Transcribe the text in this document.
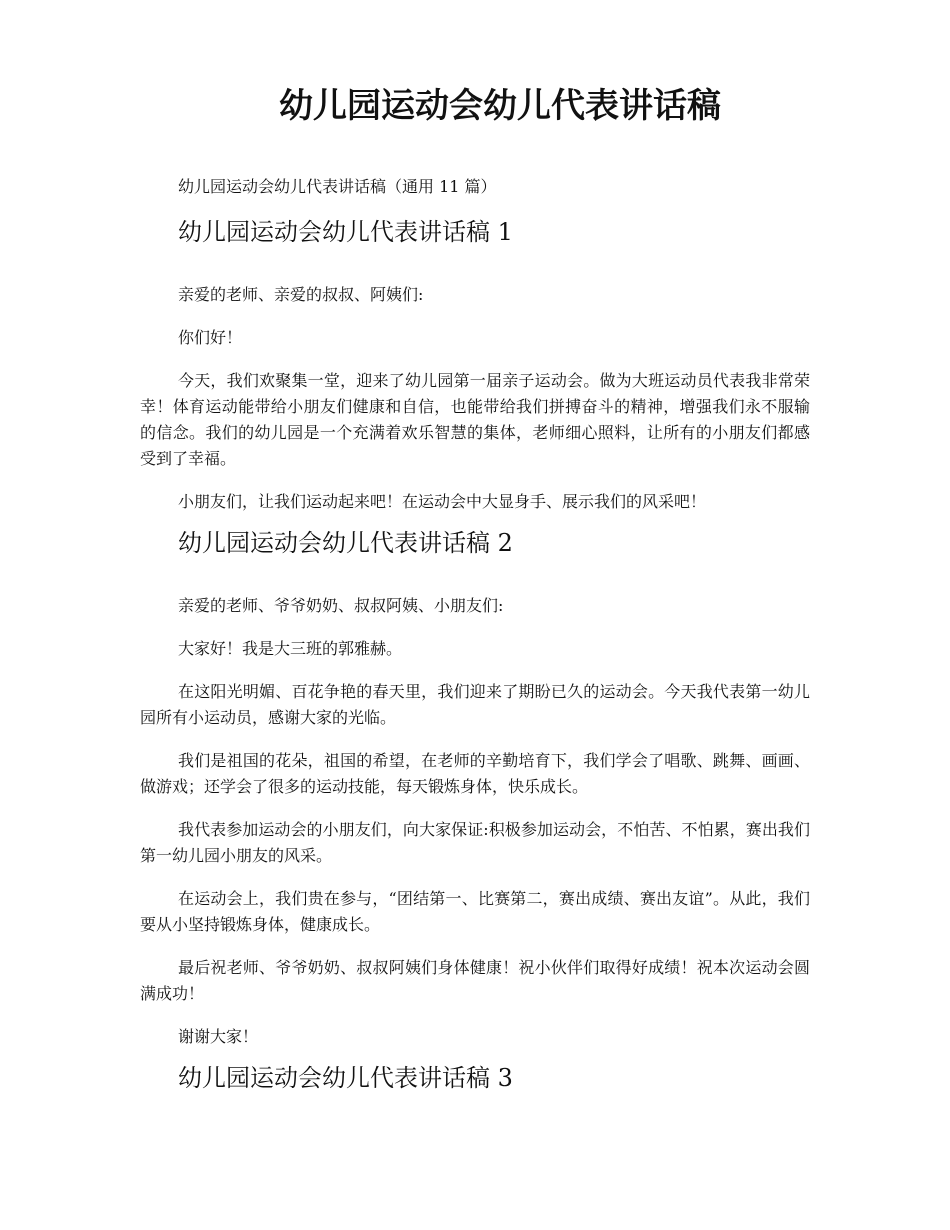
幼儿园运动会幼儿代表讲话稿

幼儿园运动会幼儿代表讲话稿（通用 11 篇）

幼儿园运动会幼儿代表讲话稿 1

亲爱的老师、亲爱的叔叔、阿姨们:

你们好！

今天，我们欢聚集一堂，迎来了幼儿园第一届亲子运动会。做为大班运动员代表我非常荣幸！体育运动能带给小朋友们健康和自信，也能带给我们拼搏奋斗的精神，增强我们永不服输的信念。我们的幼儿园是一个充满着欢乐智慧的集体，老师细心照料，让所有的小朋友们都感受到了幸福。

小朋友们，让我们运动起来吧！在运动会中大显身手、展示我们的风采吧！

幼儿园运动会幼儿代表讲话稿 2

亲爱的老师、爷爷奶奶、叔叔阿姨、小朋友们:

大家好！我是大三班的郭雅赫。

在这阳光明媚、百花争艳的春天里，我们迎来了期盼已久的运动会。今天我代表第一幼儿园所有小运动员，感谢大家的光临。

我们是祖国的花朵，祖国的希望，在老师的辛勤培育下，我们学会了唱歌、跳舞、画画、做游戏；还学会了很多的运动技能，每天锻炼身体，快乐成长。

我代表参加运动会的小朋友们，向大家保证:积极参加运动会，不怕苦、不怕累，赛出我们第一幼儿园小朋友的风采。

在运动会上，我们贵在参与，“团结第一、比赛第二，赛出成绩、赛出友谊”。从此，我们要从小坚持锻炼身体，健康成长。

最后祝老师、爷爷奶奶、叔叔阿姨们身体健康！祝小伙伴们取得好成绩！祝本次运动会圆满成功！

谢谢大家！

幼儿园运动会幼儿代表讲话稿 3
